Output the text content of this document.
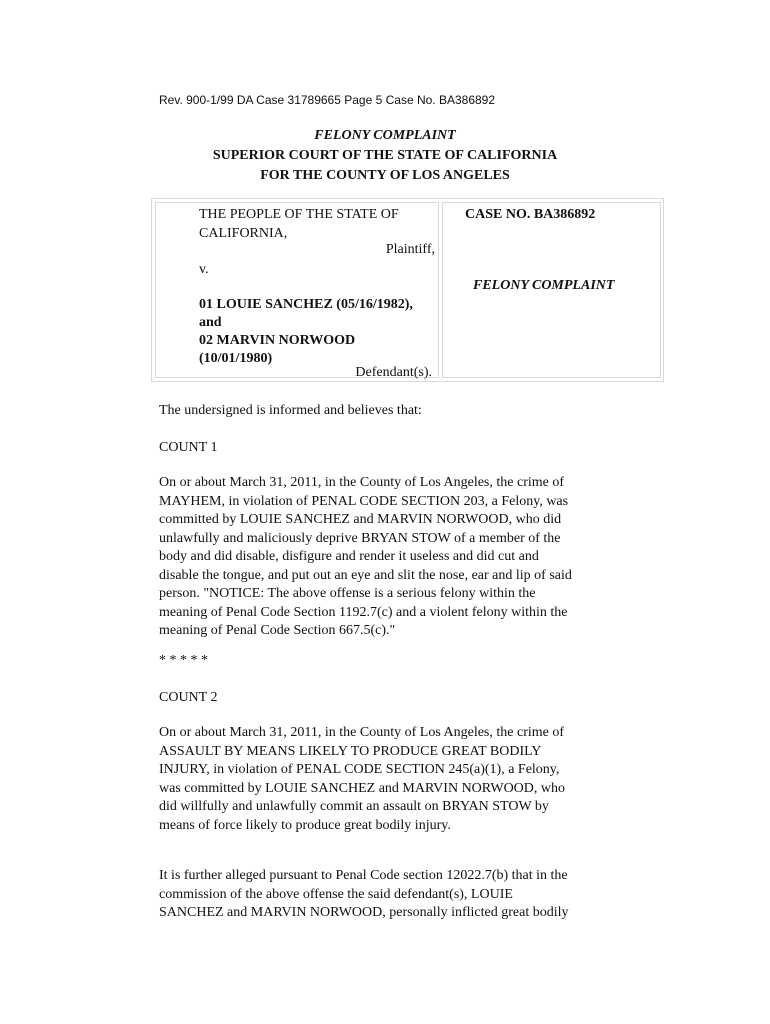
Rev. 900-1/99 DA Case 31789665 Page 5 Case No. BA386892
FELONY COMPLAINT
SUPERIOR COURT OF THE STATE OF CALIFORNIA
FOR THE COUNTY OF LOS ANGELES
THE PEOPLE OF THE STATE OF
CALIFORNIA,
Plaintiff,
v.
01 LOUIE SANCHEZ (05/16/1982),
and
02 MARVIN NORWOOD
(10/01/1980)
Defendant(s).
CASE NO. BA386892
FELONY COMPLAINT
The undersigned is informed and believes that:
COUNT 1
On or about March 31, 2011, in the County of Los Angeles, the crime of
MAYHEM, in violation of PENAL CODE SECTION 203, a Felony, was
committed by LOUIE SANCHEZ and MARVIN NORWOOD, who did
unlawfully and maliciously deprive BRYAN STOW of a member of the
body and did disable, disfigure and render it useless and did cut and
disable the tongue, and put out an eye and slit the nose, ear and lip of said
person. "NOTICE: The above offense is a serious felony within the
meaning of Penal Code Section 1192.7(c) and a violent felony within the
meaning of Penal Code Section 667.5(c)."
* * * * *
COUNT 2
On or about March 31, 2011, in the County of Los Angeles, the crime of
ASSAULT BY MEANS LIKELY TO PRODUCE GREAT BODILY
INJURY, in violation of PENAL CODE SECTION 245(a)(1), a Felony,
was committed by LOUIE SANCHEZ and MARVIN NORWOOD, who
did willfully and unlawfully commit an assault on BRYAN STOW by
means of force likely to produce great bodily injury.
It is further alleged pursuant to Penal Code section 12022.7(b) that in the
commission of the above offense the said defendant(s), LOUIE
SANCHEZ and MARVIN NORWOOD, personally inflicted great bodily
